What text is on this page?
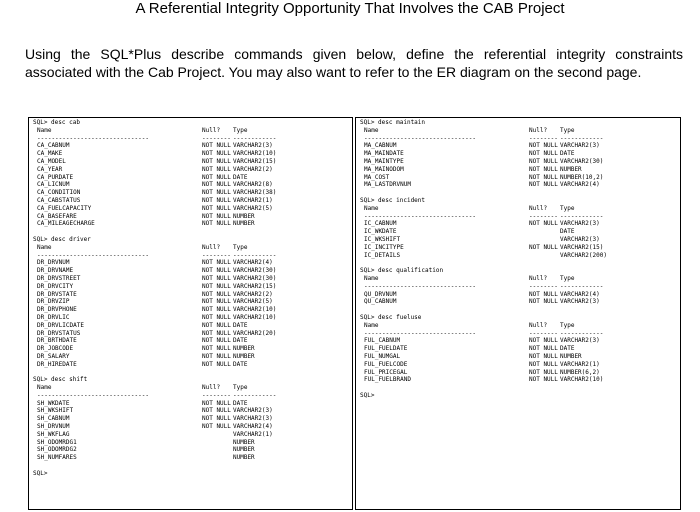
A Referential Integrity Opportunity That Involves the CAB Project
Using the SQL*Plus describe commands given below, define the referential integrity constraints associated with the Cab Project. You may also want to refer to the ER diagram on the second page.
SQL> desc cab
Name	Null? Type
-------------------------------	-------- ------------
CA_CABNUM	NOT NULL VARCHAR2(3)
CA_MAKE	NOT NULL VARCHAR2(10)
CA_MODEL	NOT NULL VARCHAR2(15)
CA_YEAR	NOT NULL VARCHAR2(2)
CA_PURDATE	NOT NULL DATE
CA_LICNUM	NOT NULL VARCHAR2(8)
CA_CONDITION	NOT NULL VARCHAR2(38)
CA_CABSTATUS	NOT NULL VARCHAR2(1)
CA_FUELCAPACITY	NOT NULL VARCHAR2(5)
CA_BASEFARE	NOT NULL NUMBER
CA_MILEAGECHARGE	NOT NULL NUMBER
SQL> desc driver
Name	Null? Type
-------------------------------	-------- ------------
DR_DRVNUM	NOT NULL VARCHAR2(4)
DR_DRVNAME	NOT NULL VARCHAR2(30)
DR_DRVSTREET	NOT NULL VARCHAR2(30)
DR_DRVCITY	NOT NULL VARCHAR2(15)
DR_DRVSTATE	NOT NULL VARCHAR2(2)
DR_DRVZIP	NOT NULL VARCHAR2(5)
DR_DRVPHONE	NOT NULL VARCHAR2(10)
DR_DRVLIC	NOT NULL VARCHAR2(10)
DR_DRVLICDATE	NOT NULL DATE
DR_DRVSTATUS	NOT NULL VARCHAR2(20)
DR_BRTHDATE	NOT NULL DATE
DR_JOBCODE	NOT NULL NUMBER
DR_SALARY	NOT NULL NUMBER
DR_HIREDATE	NOT NULL DATE
SQL> desc shift
Name	Null? Type
-------------------------------	-------- ------------
SH_WKDATE	NOT NULL DATE
SH_WKSHIFT	NOT NULL VARCHAR2(3)
SH_CABNUM	NOT NULL VARCHAR2(3)
SH_DRVNUM	NOT NULL VARCHAR2(4)
SH_WKFLAG	VARCHAR2(1)
SH_ODOMRDG1	NUMBER
SH_ODOMRDG2	NUMBER
SH_NUMFARES	NUMBER
SQL>
SQL> desc maintain
Name	Null? Type
-------------------------------	-------- ------------
MA_CABNUM	NOT NULL VARCHAR2(3)
MA_MAINDATE	NOT NULL DATE
MA_MAINTYPE	NOT NULL VARCHAR2(30)
MA_MAINODOM	NOT NULL NUMBER
MA_COST	NOT NULL NUMBER(10,2)
MA_LASTDRVNUM	NOT NULL VARCHAR2(4)
SQL> desc incident
Name	Null? Type
-------------------------------	-------- ------------
IC_CABNUM	NOT NULL VARCHAR2(3)
IC_WKDATE	DATE
IC_WKSHIFT	VARCHAR2(3)
IC_INCITYPE	NOT NULL VARCHAR2(15)
IC_DETAILS	VARCHAR2(200)
SQL> desc qualification
Name	Null? Type
-------------------------------	-------- ------------
QU_DRVNUM	NOT NULL VARCHAR2(4)
QU_CABNUM	NOT NULL VARCHAR2(3)
SQL> desc fueluse
Name	Null? Type
-------------------------------	-------- ------------
FUL_CABNUM	NOT NULL VARCHAR2(3)
FUL_FUELDATE	NOT NULL DATE
FUL_NUMGAL	NOT NULL NUMBER
FUL_FUELCODE	NOT NULL VARCHAR2(1)
FUL_PRICEGAL	NOT NULL NUMBER(6,2)
FUL_FUELBRAND	NOT NULL VARCHAR2(10)
SQL>
